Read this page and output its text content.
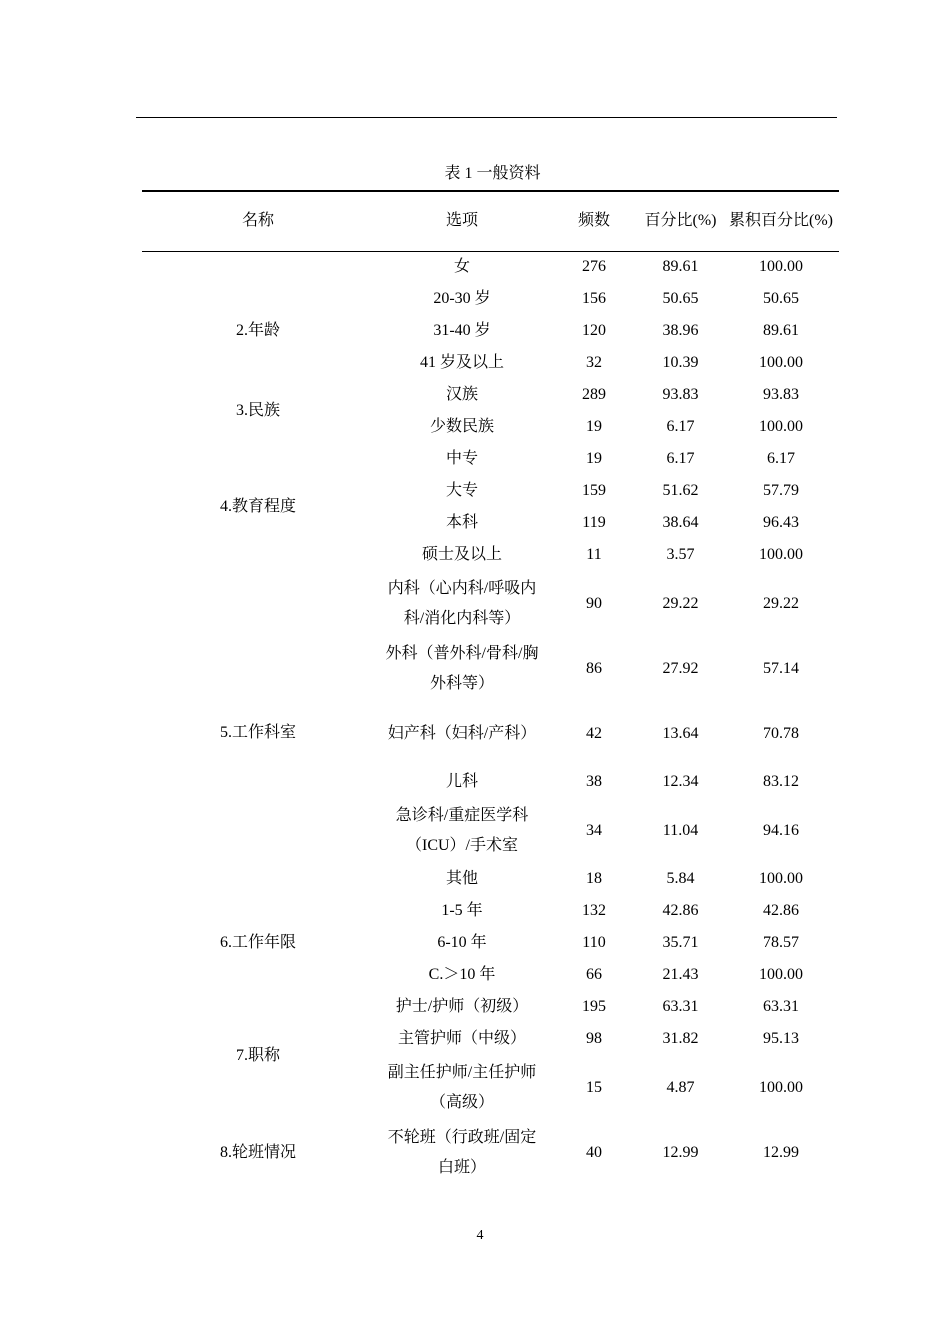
表 1 一般资料
名称	选项	频数	百分比(%)	累积百分比(%)
	女	276	89.61	100.00
2.年龄	20-30 岁	156	50.65	50.65
	31-40 岁	120	38.96	89.61
	41 岁及以上	32	10.39	100.00
3.民族	汉族	289	93.83	93.83
	少数民族	19	6.17	100.00
4.教育程度	中专	19	6.17	6.17
	大专	159	51.62	57.79
	本科	119	38.64	96.43
	硕士及以上	11	3.57	100.00
5.工作科室	内科（心内科/呼吸内科/消化内科等）	90	29.22	29.22
	外科（普外科/骨科/胸外科等）	86	27.92	57.14
	妇产科（妇科/产科）	42	13.64	70.78
	儿科	38	12.34	83.12
	急诊科/重症医学科（ICU）/手术室	34	11.04	94.16
	其他	18	5.84	100.00
6.工作年限	1-5 年	132	42.86	42.86
	6-10 年	110	35.71	78.57
	C.＞10 年	66	21.43	100.00
7.职称	护士/护师（初级）	195	63.31	63.31
	主管护师（中级）	98	31.82	95.13
	副主任护师/主任护师（高级）	15	4.87	100.00
8.轮班情况	不轮班（行政班/固定白班）	40	12.99	12.99
4
